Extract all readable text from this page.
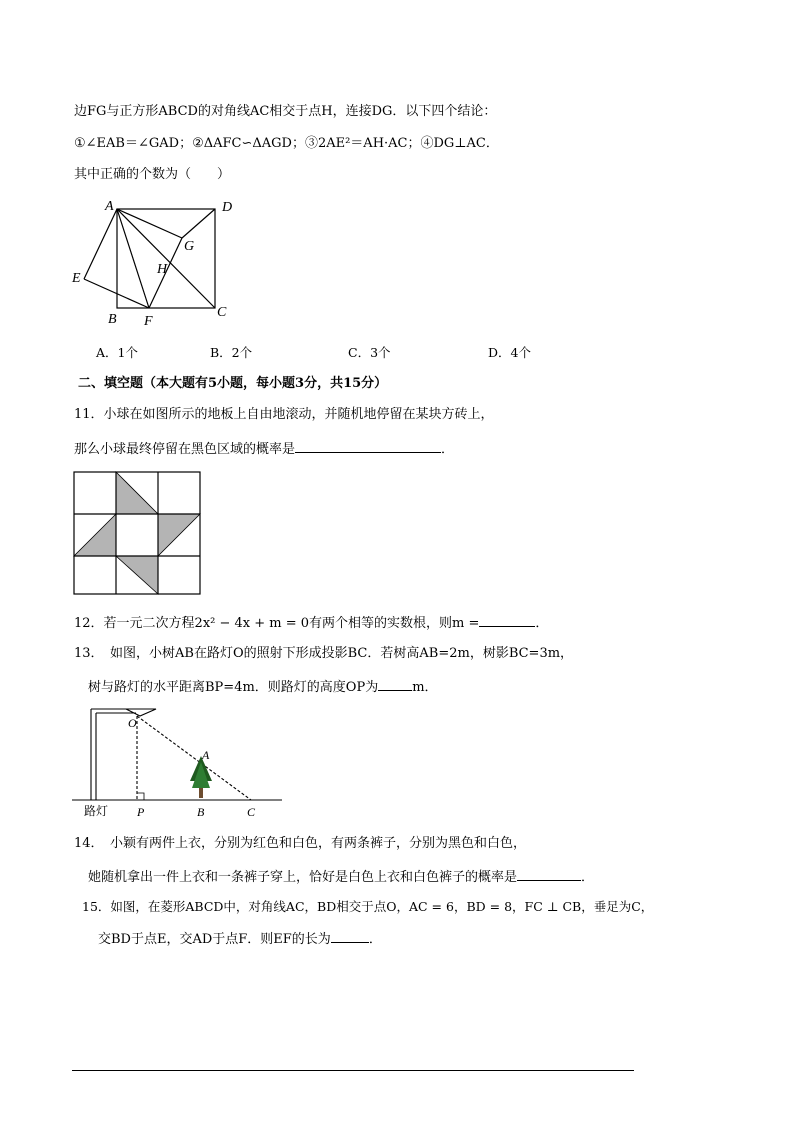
边FG与正方形ABCD的对角线AC相交于点H，连接DG．以下四个结论：
①∠EAB＝∠GAD；②ΔAFC∽ΔAGD；③2AE²＝AH·AC；④DG⊥AC．
其中正确的个数为（　　）
A	D
G
H
E
B F
C
A．1个	B．2个	C．3个	D．4个
二、填空题（本大题有5小题，每小题3分，共15分）
11．小球在如图所示的地板上自由地滚动，并随机地停留在某块方砖上，
那么小球最终停留在黑色区域的概率是	．
12．若一元二次方程2x² − 4x + m = 0有两个相等的实数根，则m =	．
13．　如图，小树AB在路灯O的照射下形成投影BC．若树高AB=2m，树影BC=3m，
树与路灯的水平距离BP=4m．则路灯的高度OP为	m．
O
A
路灯 P	B	C
14．　小颖有两件上衣，分别为红色和白色，有两条裤子，分别为黑色和白色，
她随机拿出一件上衣和一条裤子穿上，恰好是白色上衣和白色裤子的概率是	．
15．如图，在菱形ABCD中，对角线AC，BD相交于点O，AC = 6，BD = 8，FC ⊥ CB，垂足为C，
交BD于点E，交AD于点F．则EF的长为	．
